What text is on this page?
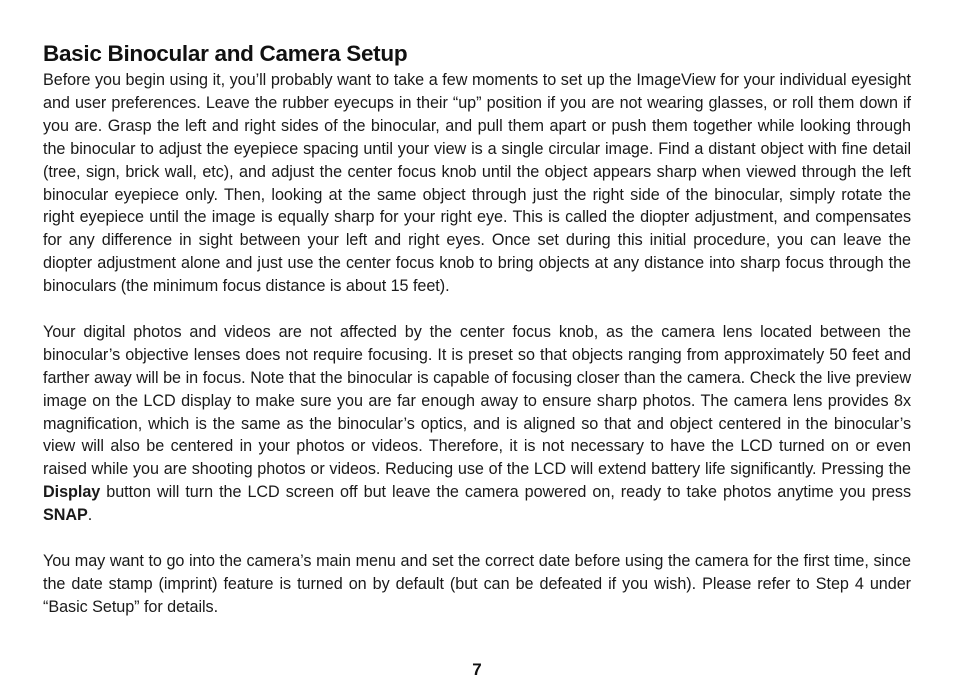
Basic Binocular and Camera Setup

Before you begin using it, you’ll probably want to take a few moments to set up the ImageView for your individual eyesight and user preferences. Leave the rubber eyecups in their “up” position if you are not wearing glasses, or roll them down if you are. Grasp the left and right sides of the binocular, and pull them apart or push them together while looking through the binocular to adjust the eyepiece spacing until your view is a single circular image. Find a distant object with fine detail (tree, sign, brick wall, etc), and adjust the center focus knob until the object appears sharp when viewed through the left binocular eyepiece only. Then, looking at the same object through just the right side of the binocular, simply rotate the right eyepiece until the image is equally sharp for your right eye. This is called the diopter adjustment, and compensates for any difference in sight between your left and right eyes. Once set during this initial procedure, you can leave the diopter adjustment alone and just use the center focus knob to bring objects at any distance into sharp focus through the binoculars (the minimum focus distance is about 15 feet).

Your digital photos and videos are not affected by the center focus knob, as the camera lens located between the binocular’s objective lenses does not require focusing. It is preset so that objects ranging from approximately 50 feet and farther away will be in focus. Note that the binocular is capable of focusing closer than the camera. Check the live preview image on the LCD display to make sure you are far enough away to ensure sharp photos. The camera lens provides 8x magnification, which is the same as the binocular’s optics, and is aligned so that and object centered in the binocular’s view will also be centered in your photos or videos. Therefore, it is not necessary to have the LCD turned on or even raised while you are shooting photos or videos. Reducing use of the LCD will extend battery life significantly. Pressing the Display button will turn the LCD screen off but leave the camera powered on, ready to take photos anytime you press SNAP.

You may want to go into the camera’s main menu and set the correct date before using the camera for the first time, since the date stamp (imprint) feature is turned on by default (but can be defeated if you wish). Please refer to Step 4 under “Basic Setup” for details.

7
